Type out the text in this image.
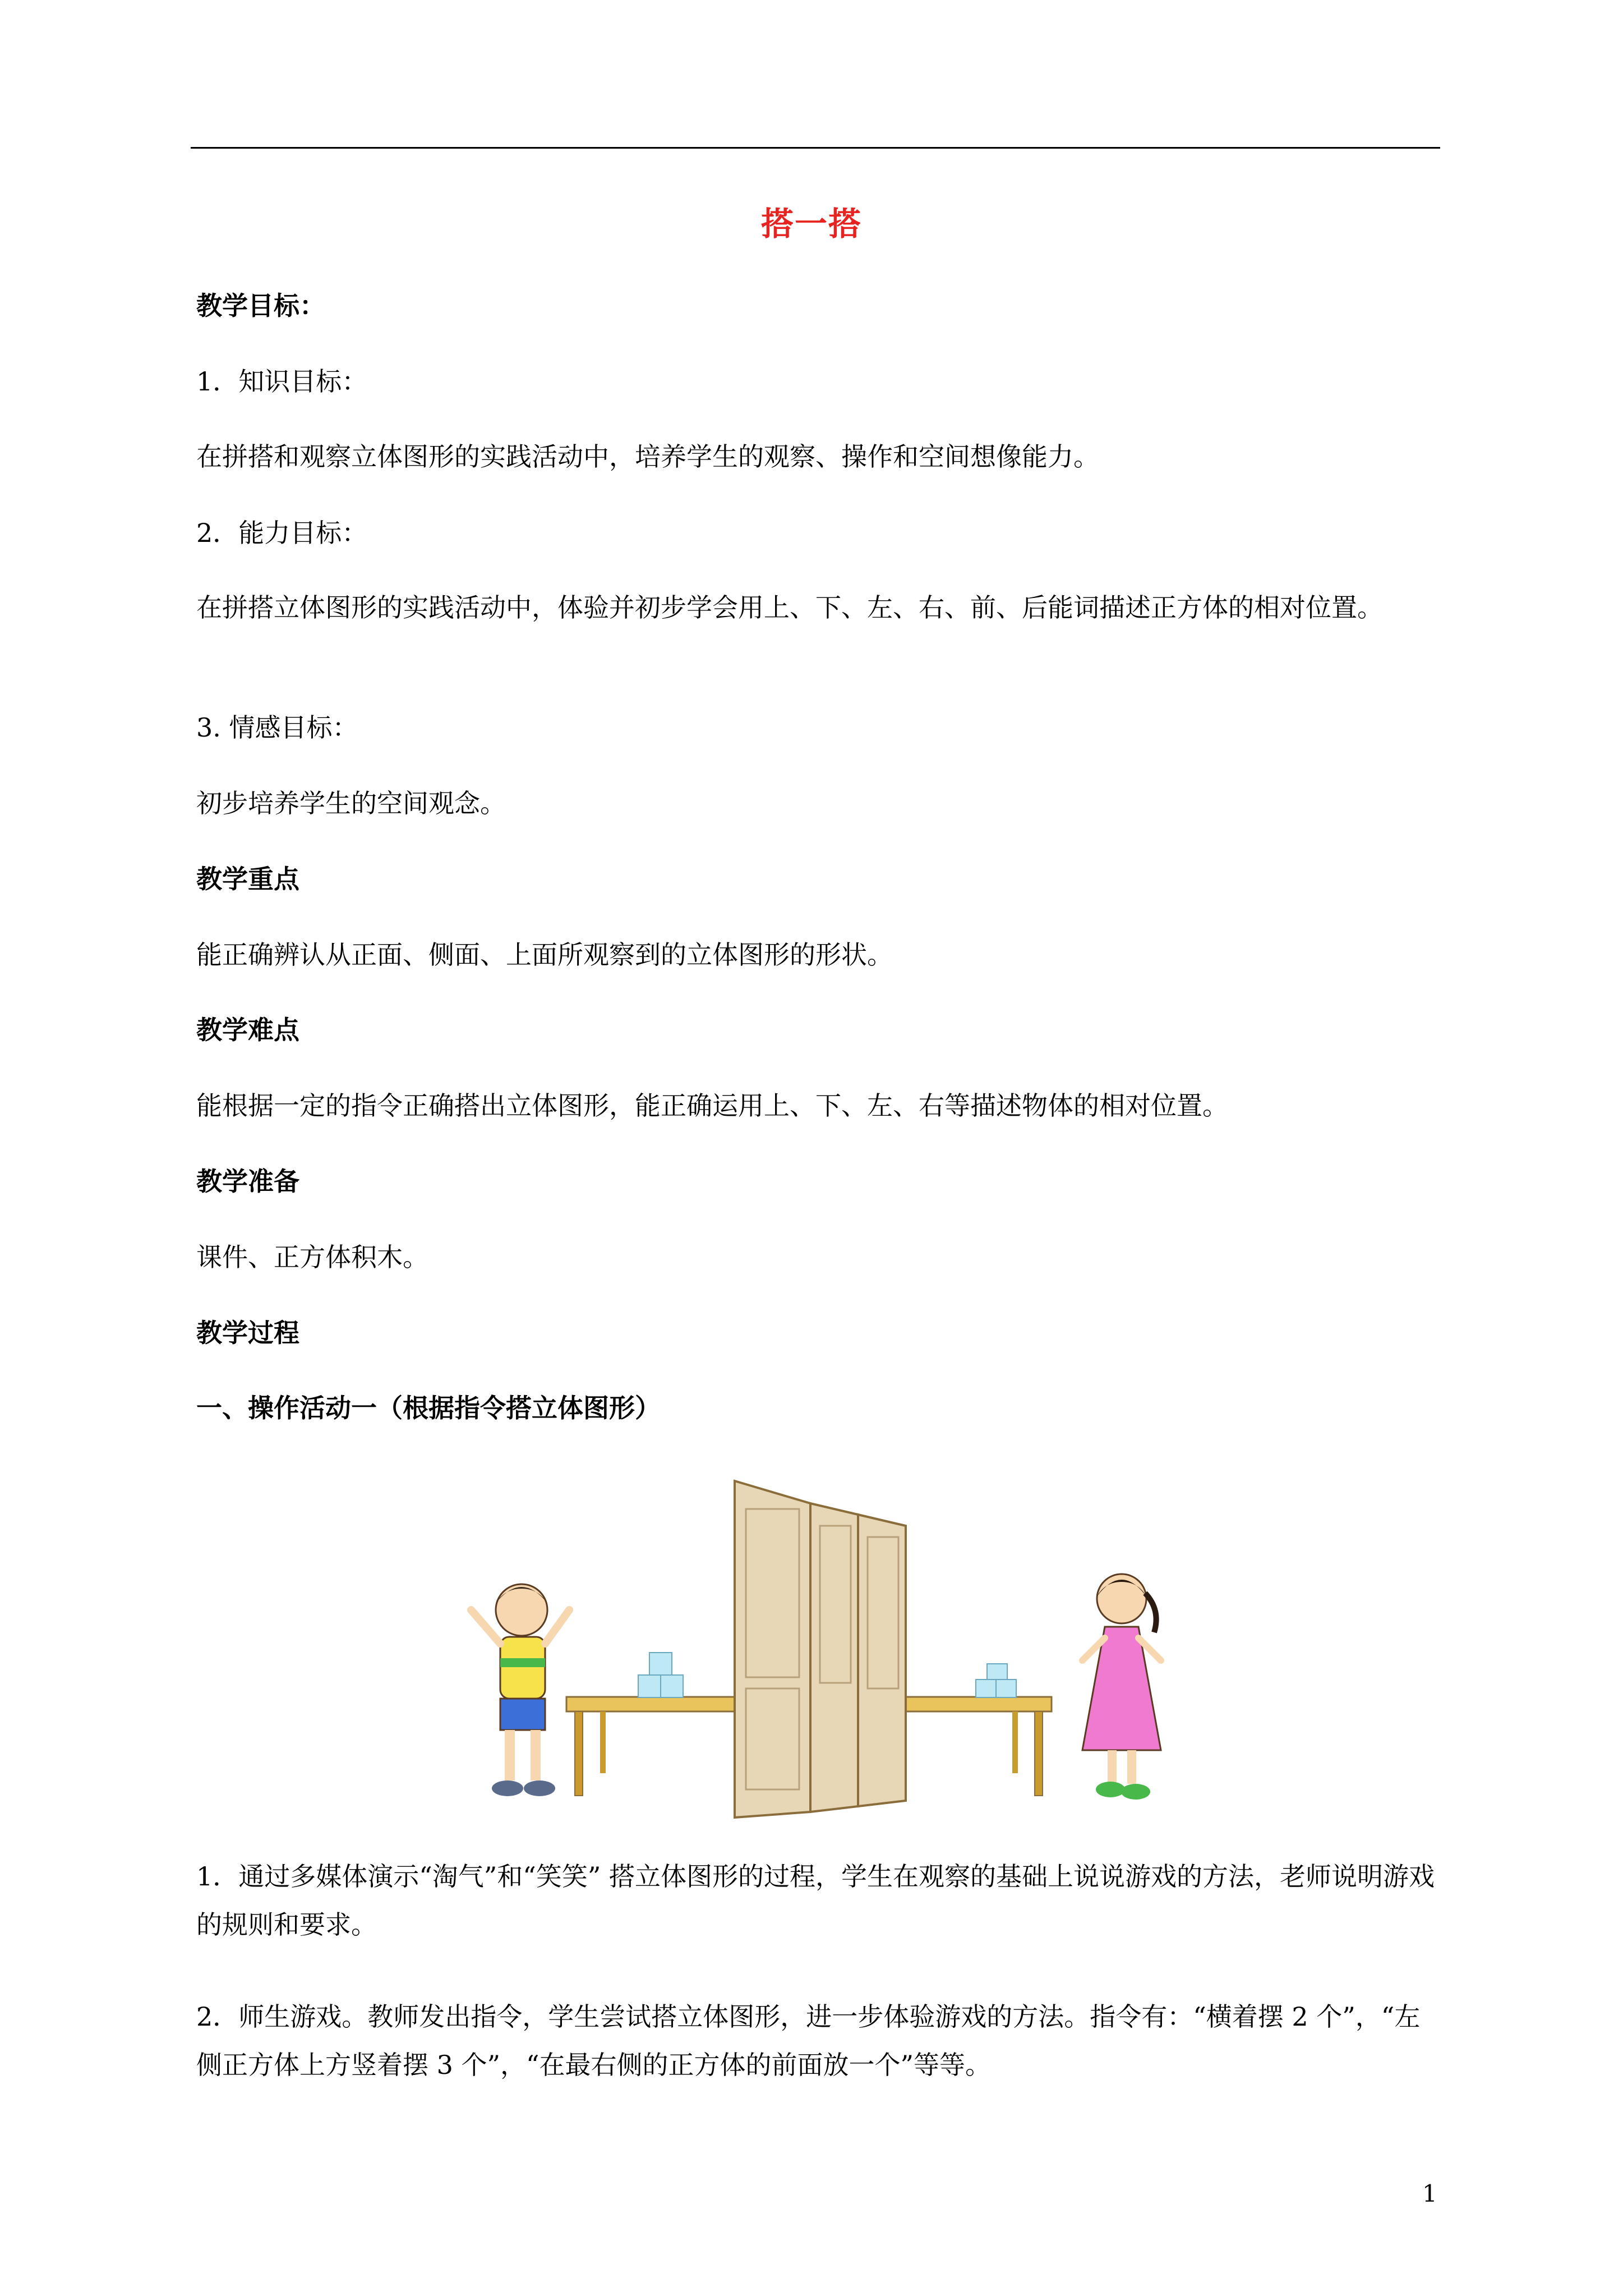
搭一搭
教学目标：
1．知识目标：
在拼搭和观察立体图形的实践活动中，培养学生的观察、操作和空间想像能力。
2．能力目标：
在拼搭立体图形的实践活动中，体验并初步学会用上、下、左、右、前、后能词描述正方体的相对位置。
3. 情感目标：
初步培养学生的空间观念。
教学重点
能正确辨认从正面、侧面、上面所观察到的立体图形的形状。
教学难点
能根据一定的指令正确搭出立体图形，能正确运用上、下、左、右等描述物体的相对位置。
教学准备
课件、正方体积木。
教学过程
一、操作活动一（根据指令搭立体图形）
1．通过多媒体演示“淘气”和“笑笑” 搭立体图形的过程，学生在观察的基础上说说游戏的方法，老师说明游戏的规则和要求。
2．师生游戏。教师发出指令，学生尝试搭立体图形，进一步体验游戏的方法。指令有：“横着摆 2 个”，“左侧正方体上方竖着摆 3 个”，“在最右侧的正方体的前面放一个”等等。
1
